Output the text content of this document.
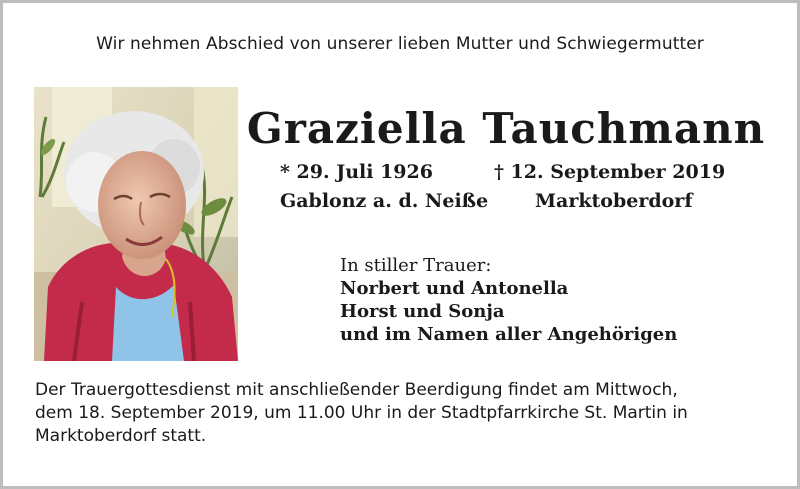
Wir nehmen Abschied von unserer lieben Mutter und Schwiegermutter
Graziella Tauchmann
* 29. Juli 1926	† 12. September 2019
Gablonz a. d. Neiße Marktoberdorf
In stiller Trauer:
Norbert und Antonella
Horst und Sonja
und im Namen aller Angehörigen
Der Trauergottesdienst mit anschließender Beerdigung findet am Mittwoch,
dem 18. September 2019, um 11.00 Uhr in der Stadtpfarrkirche St. Martin in
Marktoberdorf statt.
